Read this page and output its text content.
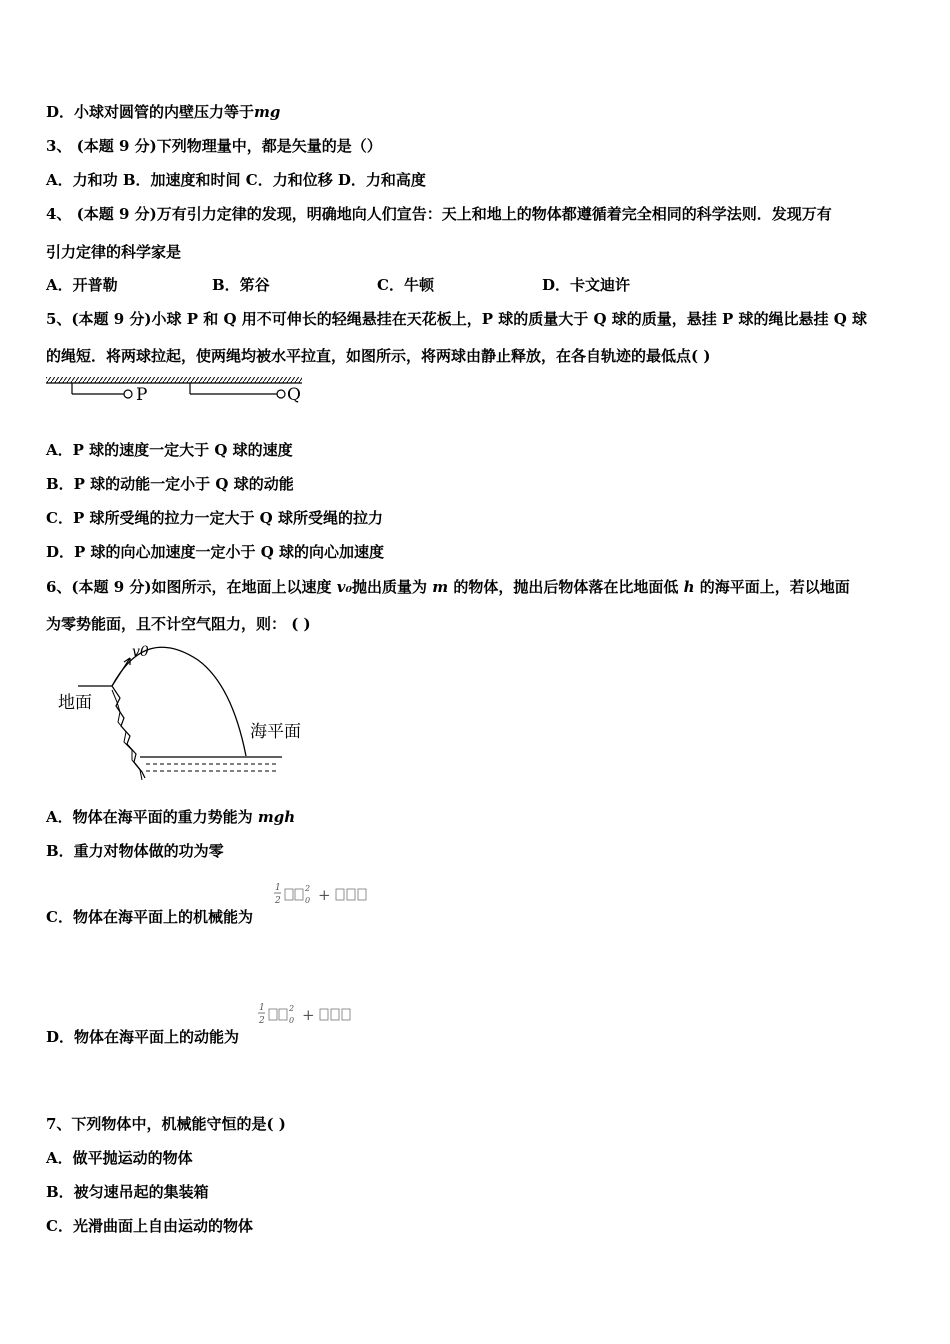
D．小球对圆管的内壁压力等于mg
3、 (本题 9 分)下列物理量中，都是矢量的是（）
A．力和功 B．加速度和时间 C．力和位移 D．力和高度
4、 (本题 9 分)万有引力定律的发现，明确地向人们宣告：天上和地上的物体都遵循着完全相同的科学法则．发现万有
引力定律的科学家是
A．开普勒	B．笫谷	C．牛顿	D．卡文迪许
5、(本题 9 分)小球 P 和 Q 用不可伸长的轻绳悬挂在天花板上，P 球的质量大于 Q 球的质量，悬挂 P 球的绳比悬挂 Q 球
的绳短．将两球拉起，使两绳均被水平拉直，如图所示，将两球由静止释放，在各自轨迹的最低点( )
P	Q
A．P 球的速度一定大于 Q 球的速度
B．P 球的动能一定小于 Q 球的动能
C．P 球所受绳的拉力一定大于 Q 球所受绳的拉力
D．P 球的向心加速度一定小于 Q 球的向心加速度
6、(本题 9 分)如图所示，在地面上以速度 v₀抛出质量为 m 的物体，抛出后物体落在比地面低 h 的海平面上，若以地面
为零势能面，且不计空气阻力，则： ( )
地面
v0
海平面
A．物体在海平面的重力势能为 mgh
B．重力对物体做的功为零
C．物体在海平面上的机械能为
1
2
2
0 +
D．物体在海平面上的动能为
1
2
2
0 +
7、下列物体中，机械能守恒的是( )
A．做平抛运动的物体
B．被匀速吊起的集装箱
C．光滑曲面上自由运动的物体
